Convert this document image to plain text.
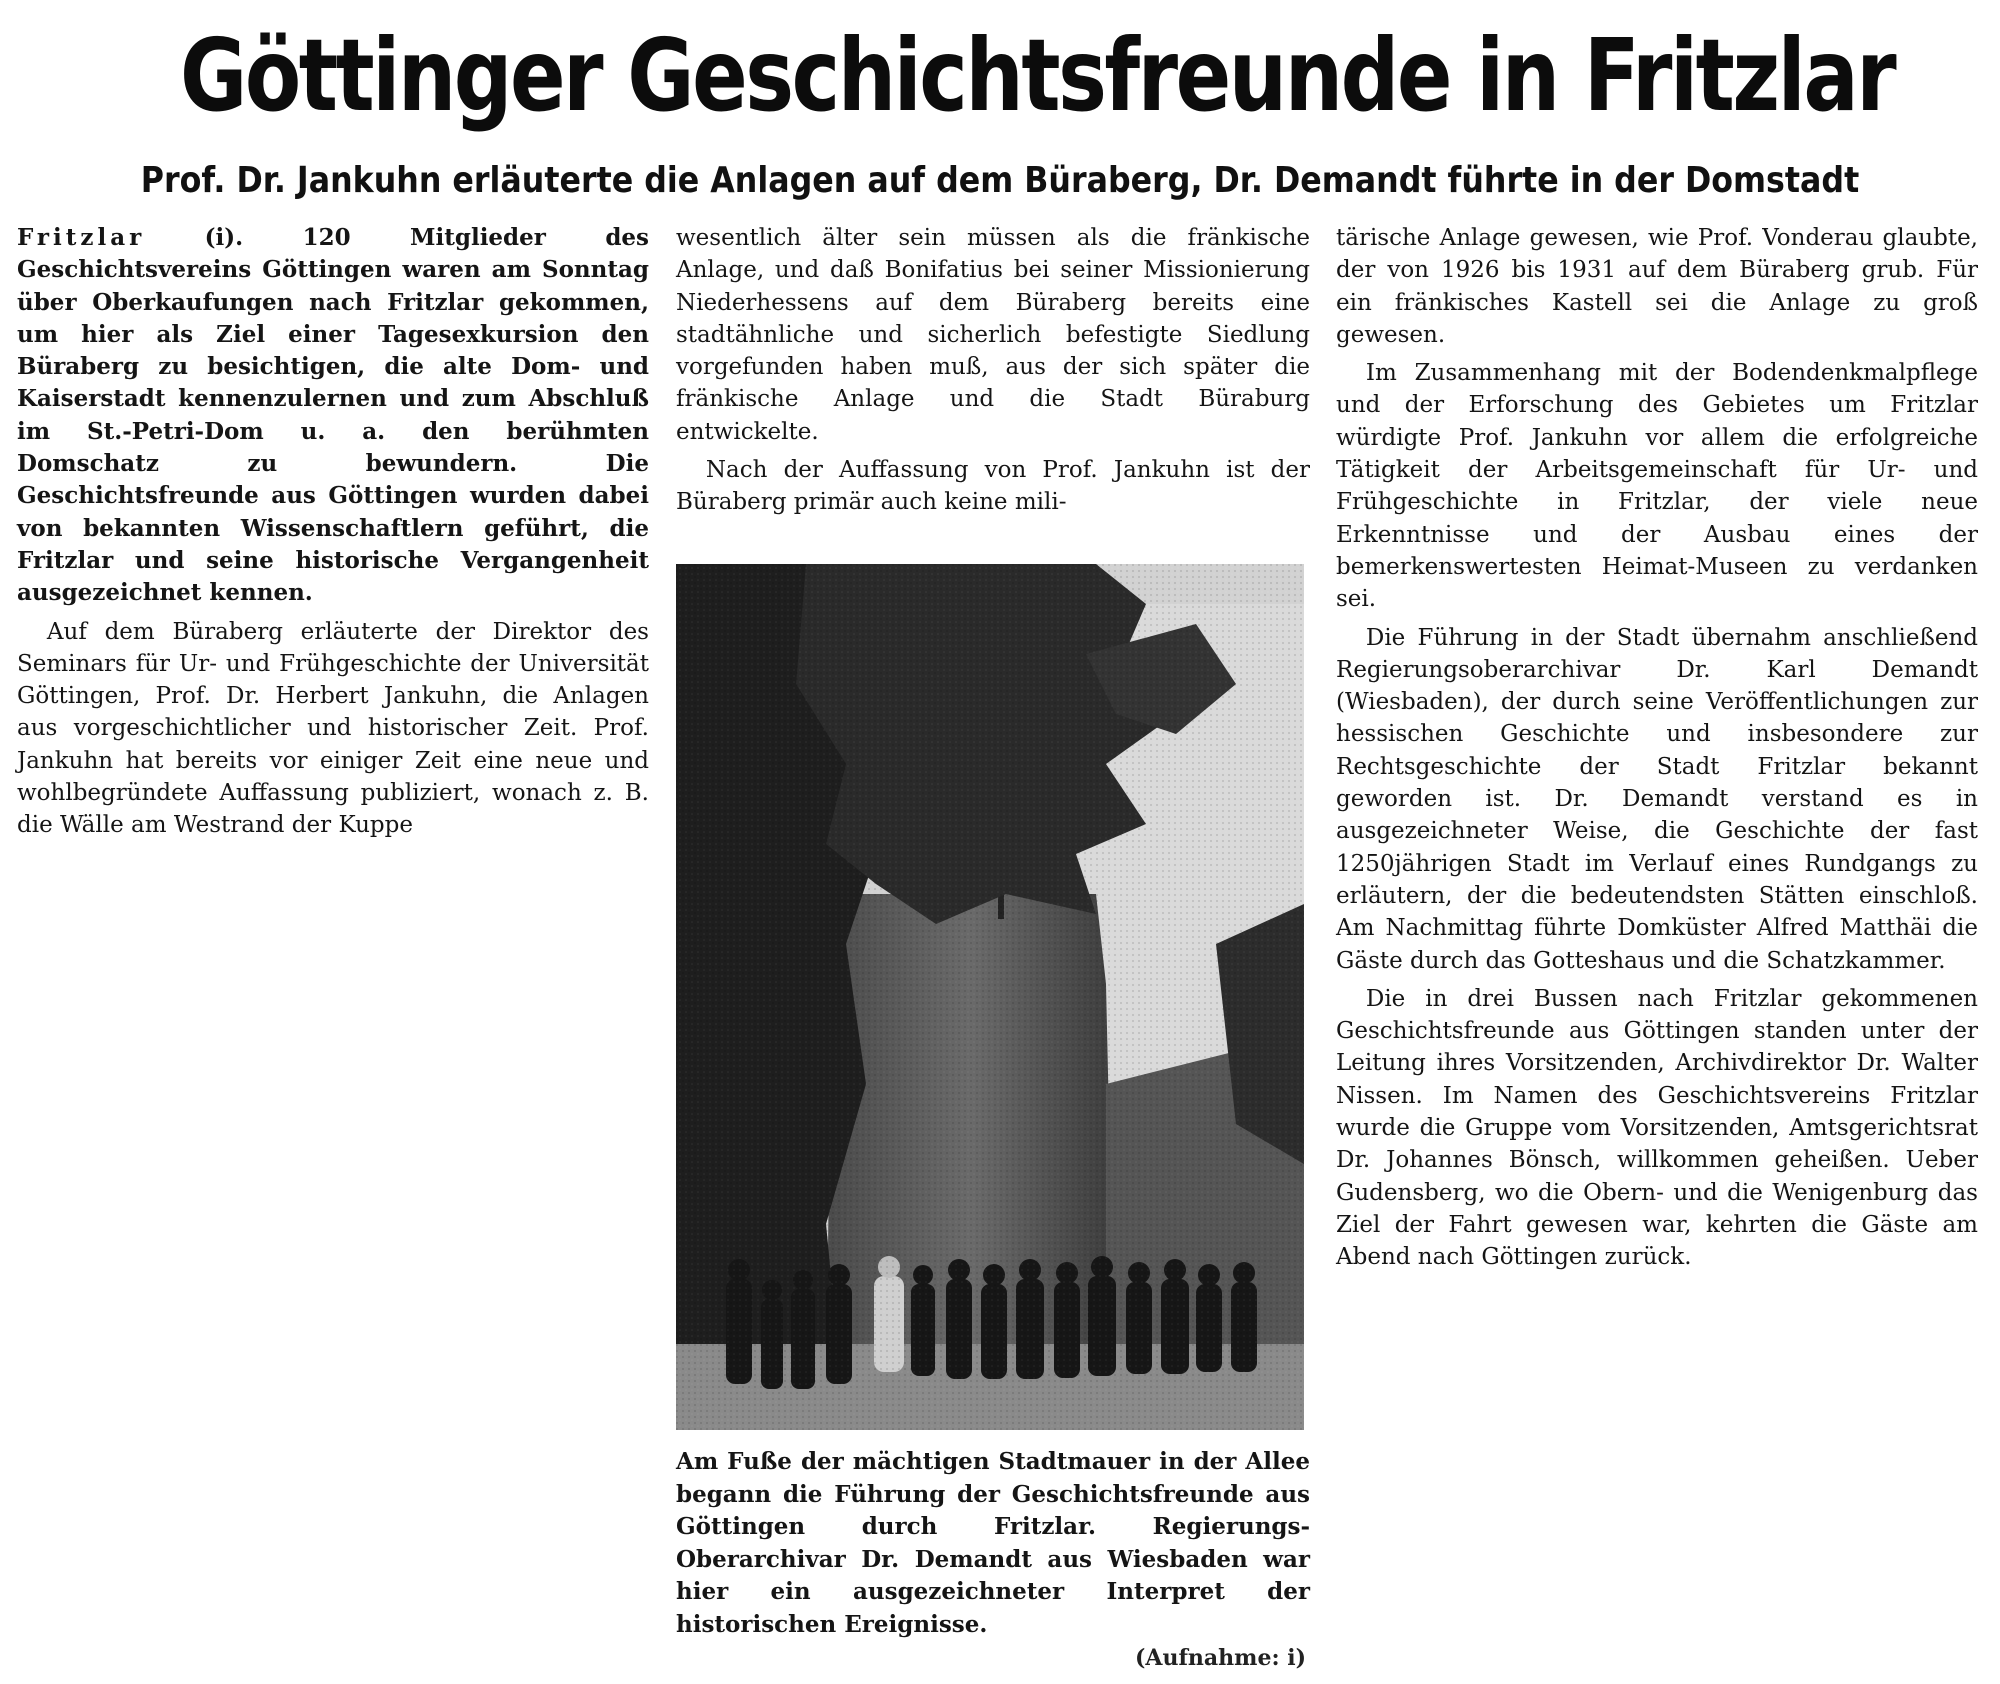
Göttinger Geschichtsfreunde in Fritzlar
Prof. Dr. Jankuhn erläuterte die Anlagen auf dem Büraberg, Dr. Demandt führte in der Domstadt

Fritzlar	(i). 120 Mitglieder des Geschichtsvereins Göttingen waren am Sonntag über Oberkaufungen nach Fritzlar gekommen, um hier als Ziel einer Tagesexkursion den Büraberg zu besichtigen, die alte Dom- und Kaiserstadt kennenzulernen und zum Abschluß im St.-Petri-Dom u. a. den berühmten Domschatz zu bewundern. Die Geschichtsfreunde aus Göttingen wurden dabei von bekannten Wissenschaftlern geführt, die Fritzlar und seine historische Vergangenheit ausgezeichnet kennen.

Auf dem Büraberg erläuterte der Direktor des Seminars für Ur- und Frühgeschichte der Universität Göttingen, Prof. Dr. Herbert Jankuhn, die Anlagen aus vorgeschichtlicher und historischer Zeit. Prof. Jankuhn hat bereits vor einiger Zeit eine neue und wohlbegründete Auffassung publiziert, wonach z. B. die Wälle am Westrand der Kuppe

wesentlich älter sein müssen als die fränkische Anlage, und daß Bonifatius bei seiner Missionierung Niederhessens auf dem Büraberg bereits eine stadtähnliche und sicherlich befestigte Siedlung vorgefunden haben muß, aus der sich später die fränkische Anlage und die Stadt Büraburg entwickelte.

Nach der Auffassung von Prof. Jankuhn ist der Büraberg primär auch keine mili-

Am Fuße der mächtigen Stadtmauer in der Allee begann die Führung der Geschichtsfreunde aus Göttingen durch Fritzlar. Regierungs-Oberarchivar Dr. Demandt aus Wiesbaden war hier ein ausgezeichneter Interpret der historischen Ereignisse.
(Aufnahme: i)

tärische Anlage gewesen, wie Prof. Vonderau glaubte, der von 1926 bis 1931 auf dem Büraberg grub. Für ein fränkisches Kastell sei die Anlage zu groß gewesen.

Im Zusammenhang mit der Bodendenkmalpflege und der Erforschung des Gebietes um Fritzlar würdigte Prof. Jankuhn vor allem die erfolgreiche Tätigkeit der Arbeitsgemeinschaft für Ur- und Frühgeschichte in Fritzlar, der viele neue Erkenntnisse und der Ausbau eines der bemerkenswertesten Heimat-Museen zu verdanken sei.

Die Führung in der Stadt übernahm anschließend Regierungsoberarchivar Dr. Karl Demandt (Wiesbaden), der durch seine Veröffentlichungen zur hessischen Geschichte und insbesondere zur Rechtsgeschichte der Stadt Fritzlar bekannt geworden ist. Dr. Demandt verstand es in ausgezeichneter Weise, die Geschichte der fast 1250jährigen Stadt im Verlauf eines Rundgangs zu erläutern, der die bedeutendsten Stätten einschloß. Am Nachmittag führte Domküster Alfred Matthäi die Gäste durch das Gotteshaus und die Schatzkammer.

Die in drei Bussen nach Fritzlar gekommenen Geschichtsfreunde aus Göttingen standen unter der Leitung ihres Vorsitzenden, Archivdirektor Dr. Walter Nissen. Im Namen des Geschichtsvereins Fritzlar wurde die Gruppe vom Vorsitzenden, Amtsgerichtsrat Dr. Johannes Bönsch, willkommen geheißen. Ueber Gudensberg, wo die Obern- und die Wenigenburg das Ziel der Fahrt gewesen war, kehrten die Gäste am Abend nach Göttingen zurück.
